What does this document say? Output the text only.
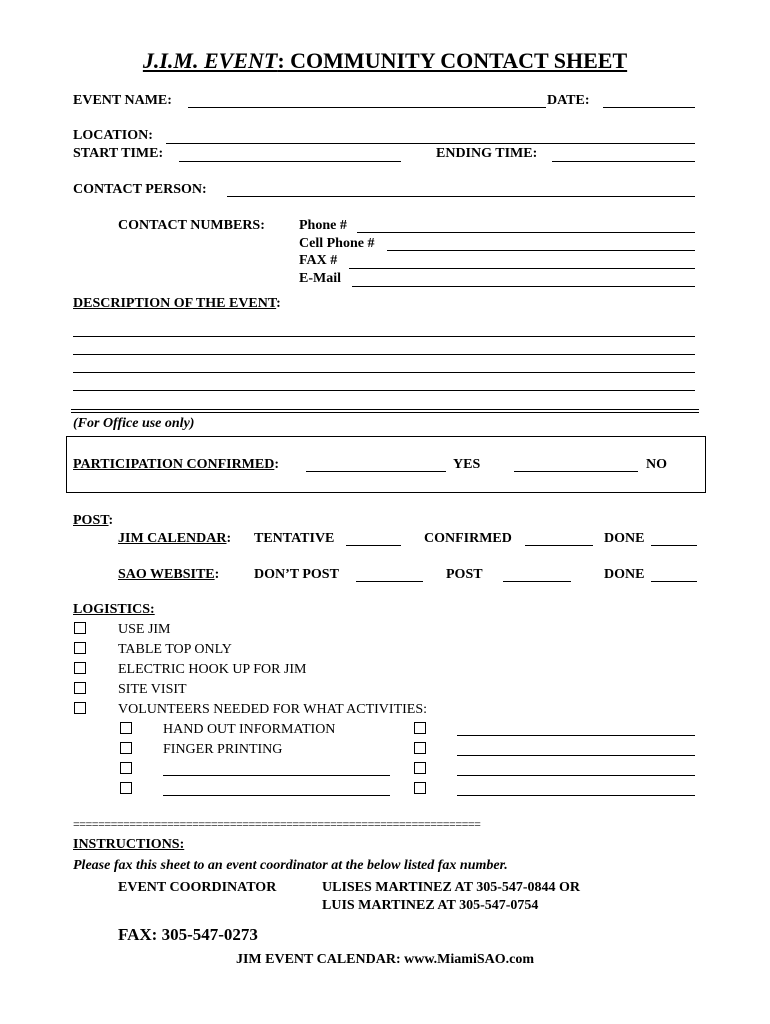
J.I.M. EVENT: COMMUNITY CONTACT SHEET
EVENT NAME:	DATE:
LOCATION:
START TIME:	ENDING TIME:
CONTACT PERSON:
CONTACT NUMBERS: Phone #
Cell Phone #
FAX #
E-Mail
DESCRIPTION OF THE EVENT:
(For Office use only)
PARTICIPATION CONFIRMED:	YES	NO
POST:
JIM CALENDAR: TENTATIVE	CONFIRMED	DONE
SAO WEBSITE: DON’T POST	POST	DONE
LOGISTICS:
USE JIM
TABLE TOP ONLY
ELECTRIC HOOK UP FOR JIM
SITE VISIT
VOLUNTEERS NEEDED FOR WHAT ACTIVITIES:
HAND OUT INFORMATION
FINGER PRINTING
=================================================================
INSTRUCTIONS:
Please fax this sheet to an event coordinator at the below listed fax number.
EVENT COORDINATOR	ULISES MARTINEZ AT 305-547-0844 OR
LUIS MARTINEZ AT 305-547-0754
FAX: 305-547-0273
JIM EVENT CALENDAR: www.MiamiSAO.com
